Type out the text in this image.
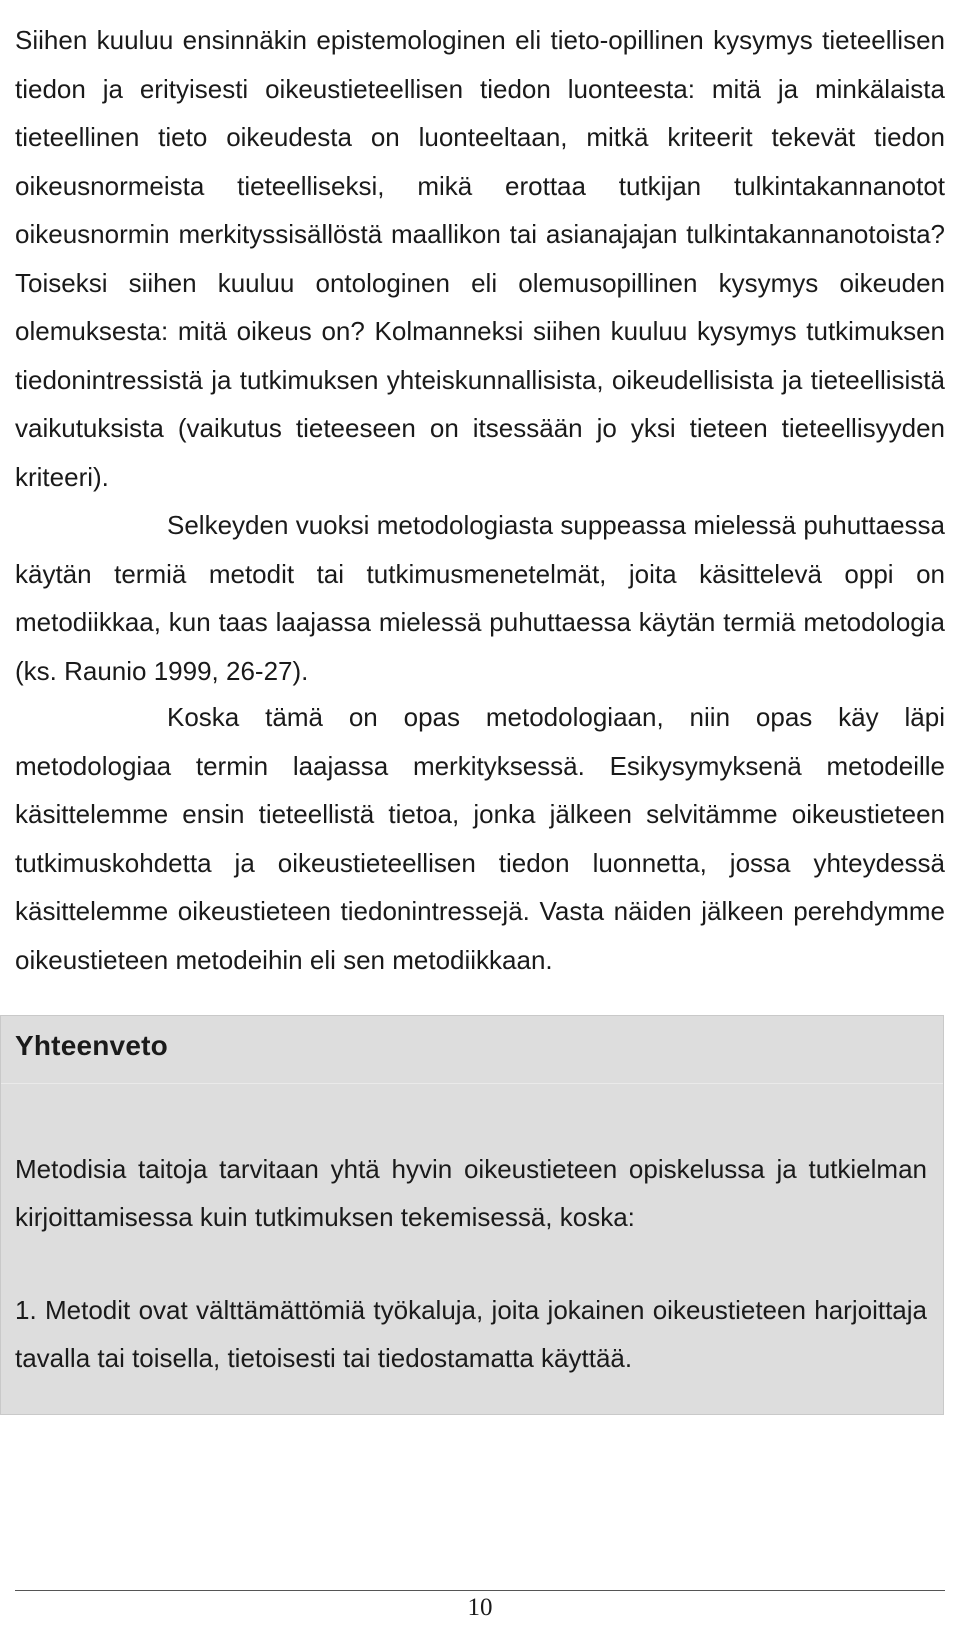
Siihen kuuluu ensinnäkin epistemologinen eli tieto-opillinen kysymys tieteellisen tiedon ja erityisesti oikeustieteellisen tiedon luonteesta: mitä ja minkälaista tieteellinen tieto oikeudesta on luonteeltaan, mitkä kriteerit tekevät tiedon oikeusnormeista tieteelliseksi, mikä erottaa tutkijan tulkintakannanotot oikeusnormin merkityssisällöstä maallikon tai asianajajan tulkintakannanotoista? Toiseksi siihen kuuluu ontologinen eli olemusopillinen kysymys oikeuden olemuksesta: mitä oikeus on? Kolmanneksi siihen kuuluu kysymys tutkimuksen tiedonintressistä ja tutkimuksen yhteiskunnallisista, oikeudellisista ja tieteellisistä vaikutuksista (vaikutus tieteeseen on itsessään jo yksi tieteen tieteellisyyden kriteeri).

Selkeyden vuoksi metodologiasta suppeassa mielessä puhuttaessa käytän termiä metodit tai tutkimusmenetelmät, joita käsittelevä oppi on metodiikkaa, kun taas laajassa mielessä puhuttaessa käytän termiä metodologia (ks. Raunio 1999, 26-27).

Koska tämä on opas metodologiaan, niin opas käy läpi metodologiaa termin laajassa merkityksessä. Esikysymyksenä metodeille käsittelemme ensin tieteellistä tietoa, jonka jälkeen selvitämme oikeustieteen tutkimuskohdetta ja oikeustieteellisen tiedon luonnetta, jossa yhteydessä käsittelemme oikeustieteen tiedonintressejä. Vasta näiden jälkeen perehdymme oikeustieteen metodeihin eli sen metodiikkaan.

Yhteenveto

Metodisia taitoja tarvitaan yhtä hyvin oikeustieteen opiskelussa ja tutkielman kirjoittamisessa kuin tutkimuksen tekemisessä, koska:

1. Metodit ovat välttämättömiä työkaluja, joita jokainen oikeustieteen harjoittaja tavalla tai toisella, tietoisesti tai tiedostamatta käyttää.

10
